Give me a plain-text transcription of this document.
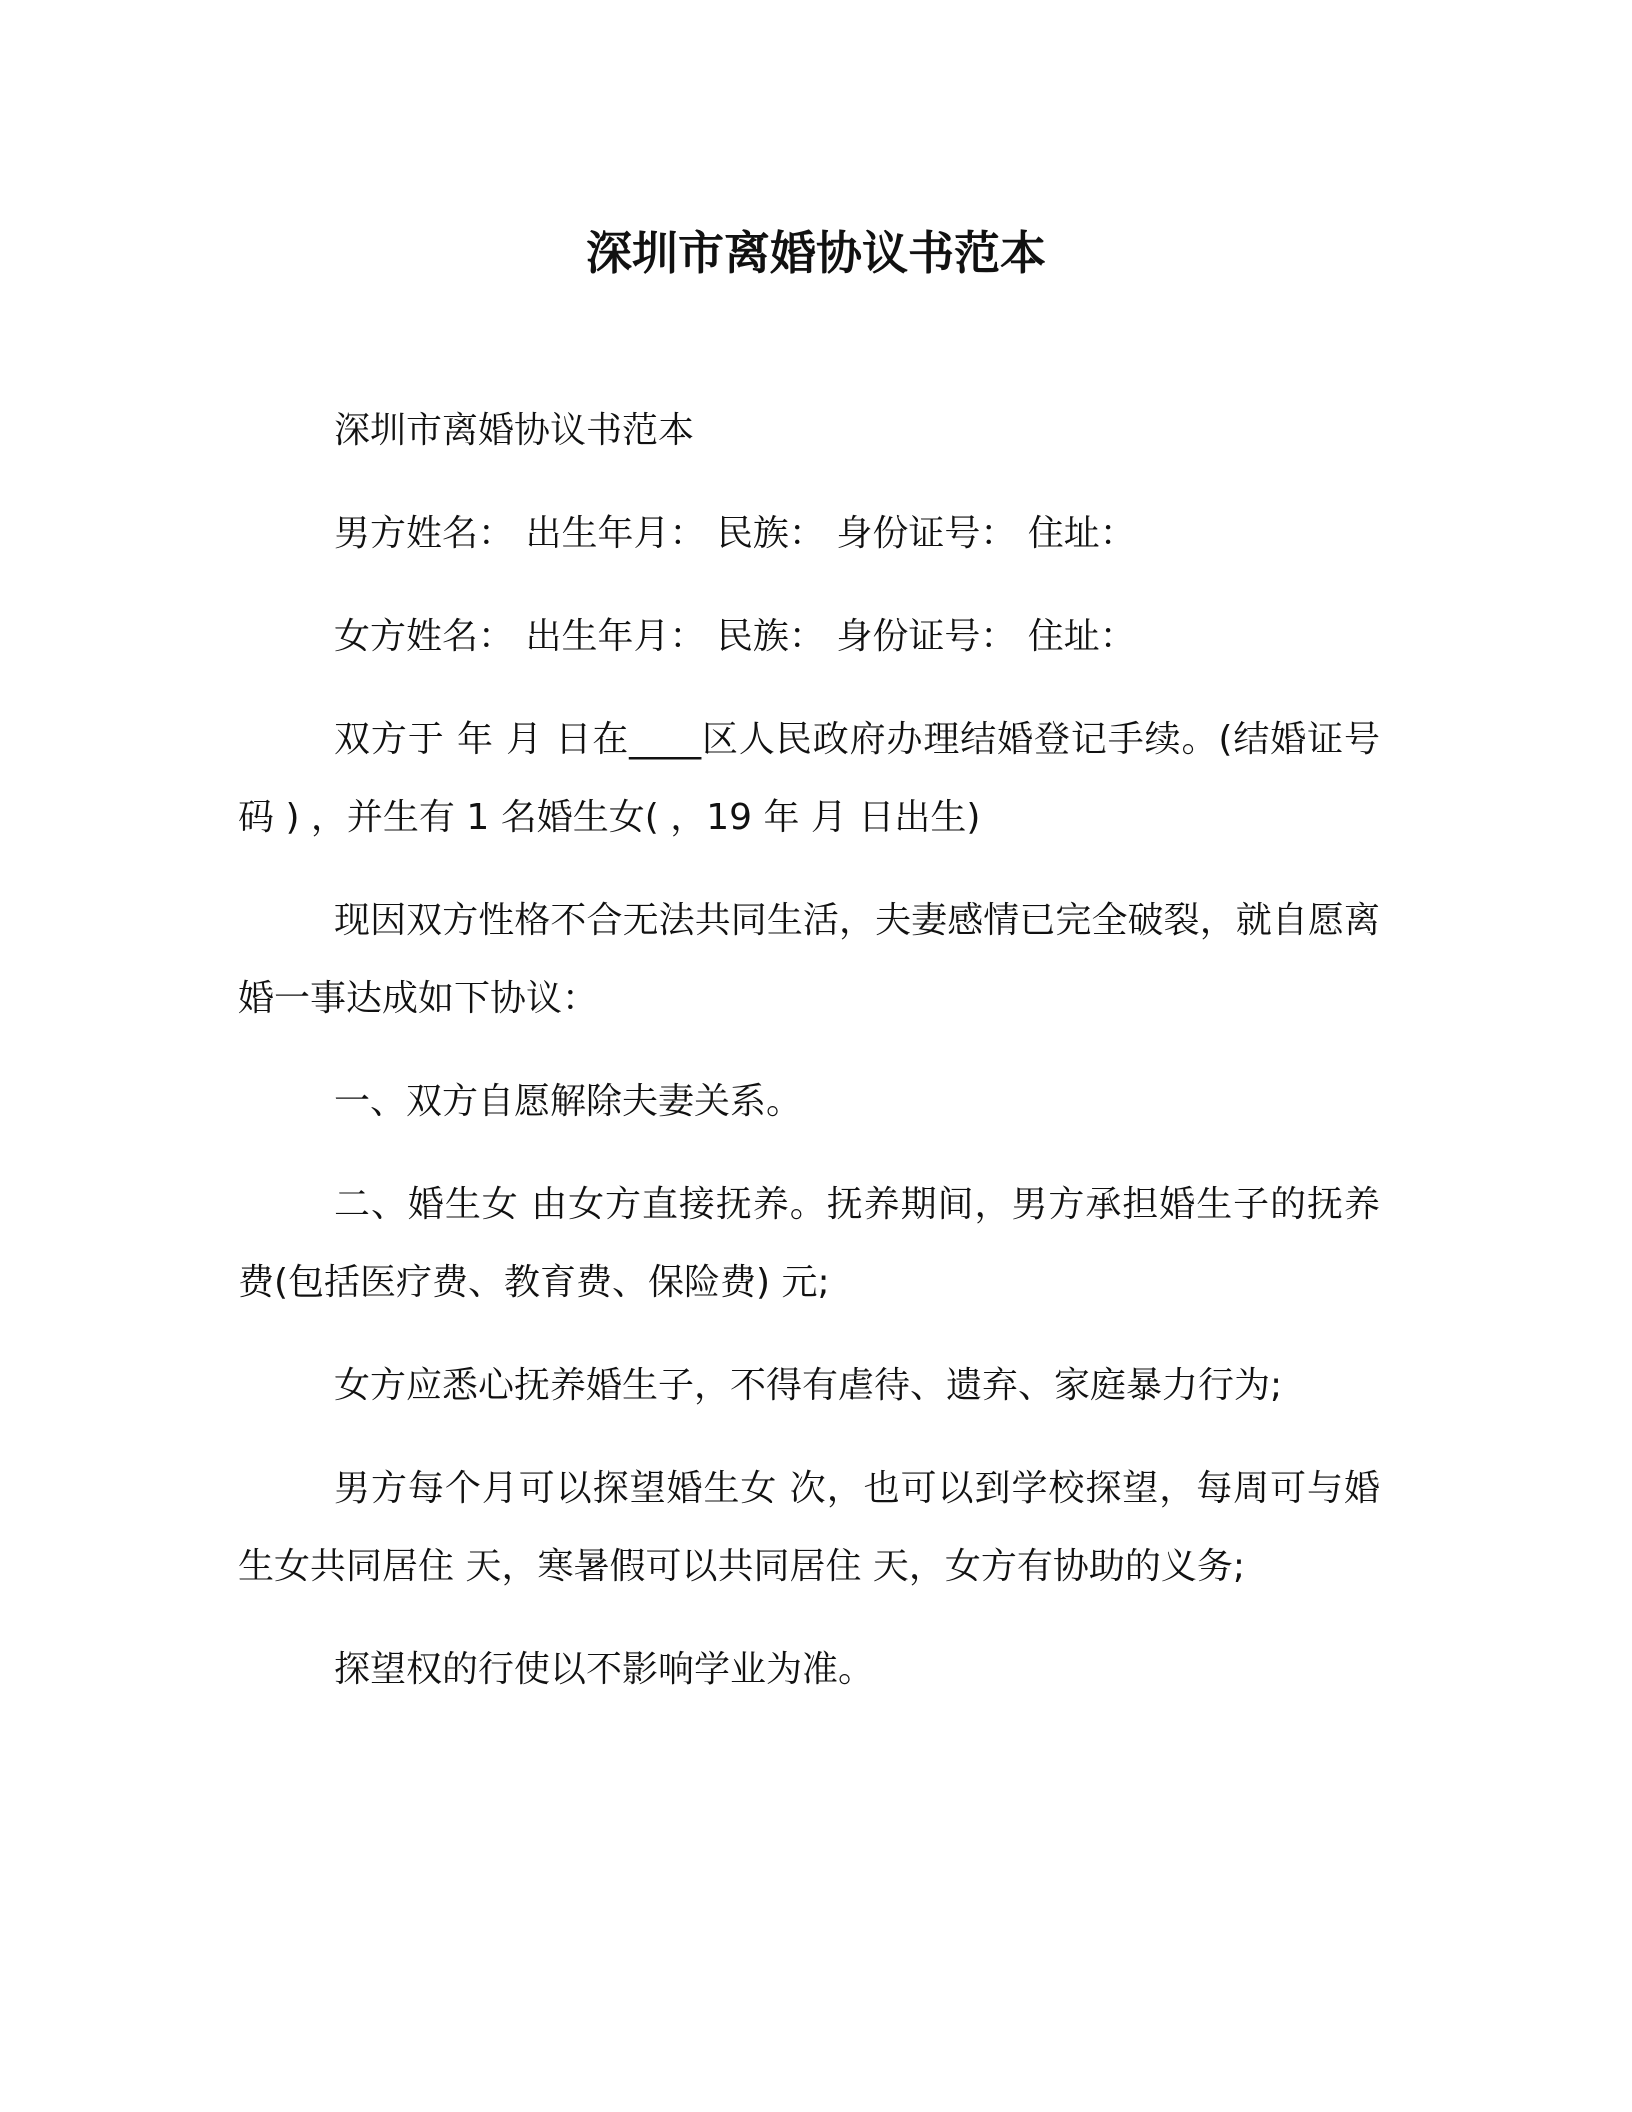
深圳市离婚协议书范本

深圳市离婚协议书范本

男方姓名： 出生年月： 民族： 身份证号： 住址：

女方姓名： 出生年月： 民族： 身份证号： 住址：

双方于 年 月 日在____区人民政府办理结婚登记手续。(结婚证号码 ) ，并生有 1 名婚生女( ，19 年 月 日出生)

现因双方性格不合无法共同生活，夫妻感情已完全破裂，就自愿离婚一事达成如下协议：

一、双方自愿解除夫妻关系。

二、婚生女 由女方直接抚养。抚养期间，男方承担婚生子的抚养费(包括医疗费、教育费、保险费) 元;

女方应悉心抚养婚生子，不得有虐待、遗弃、家庭暴力行为;

男方每个月可以探望婚生女 次，也可以到学校探望，每周可与婚生女共同居住 天，寒暑假可以共同居住 天，女方有协助的义务;

探望权的行使以不影响学业为准。
